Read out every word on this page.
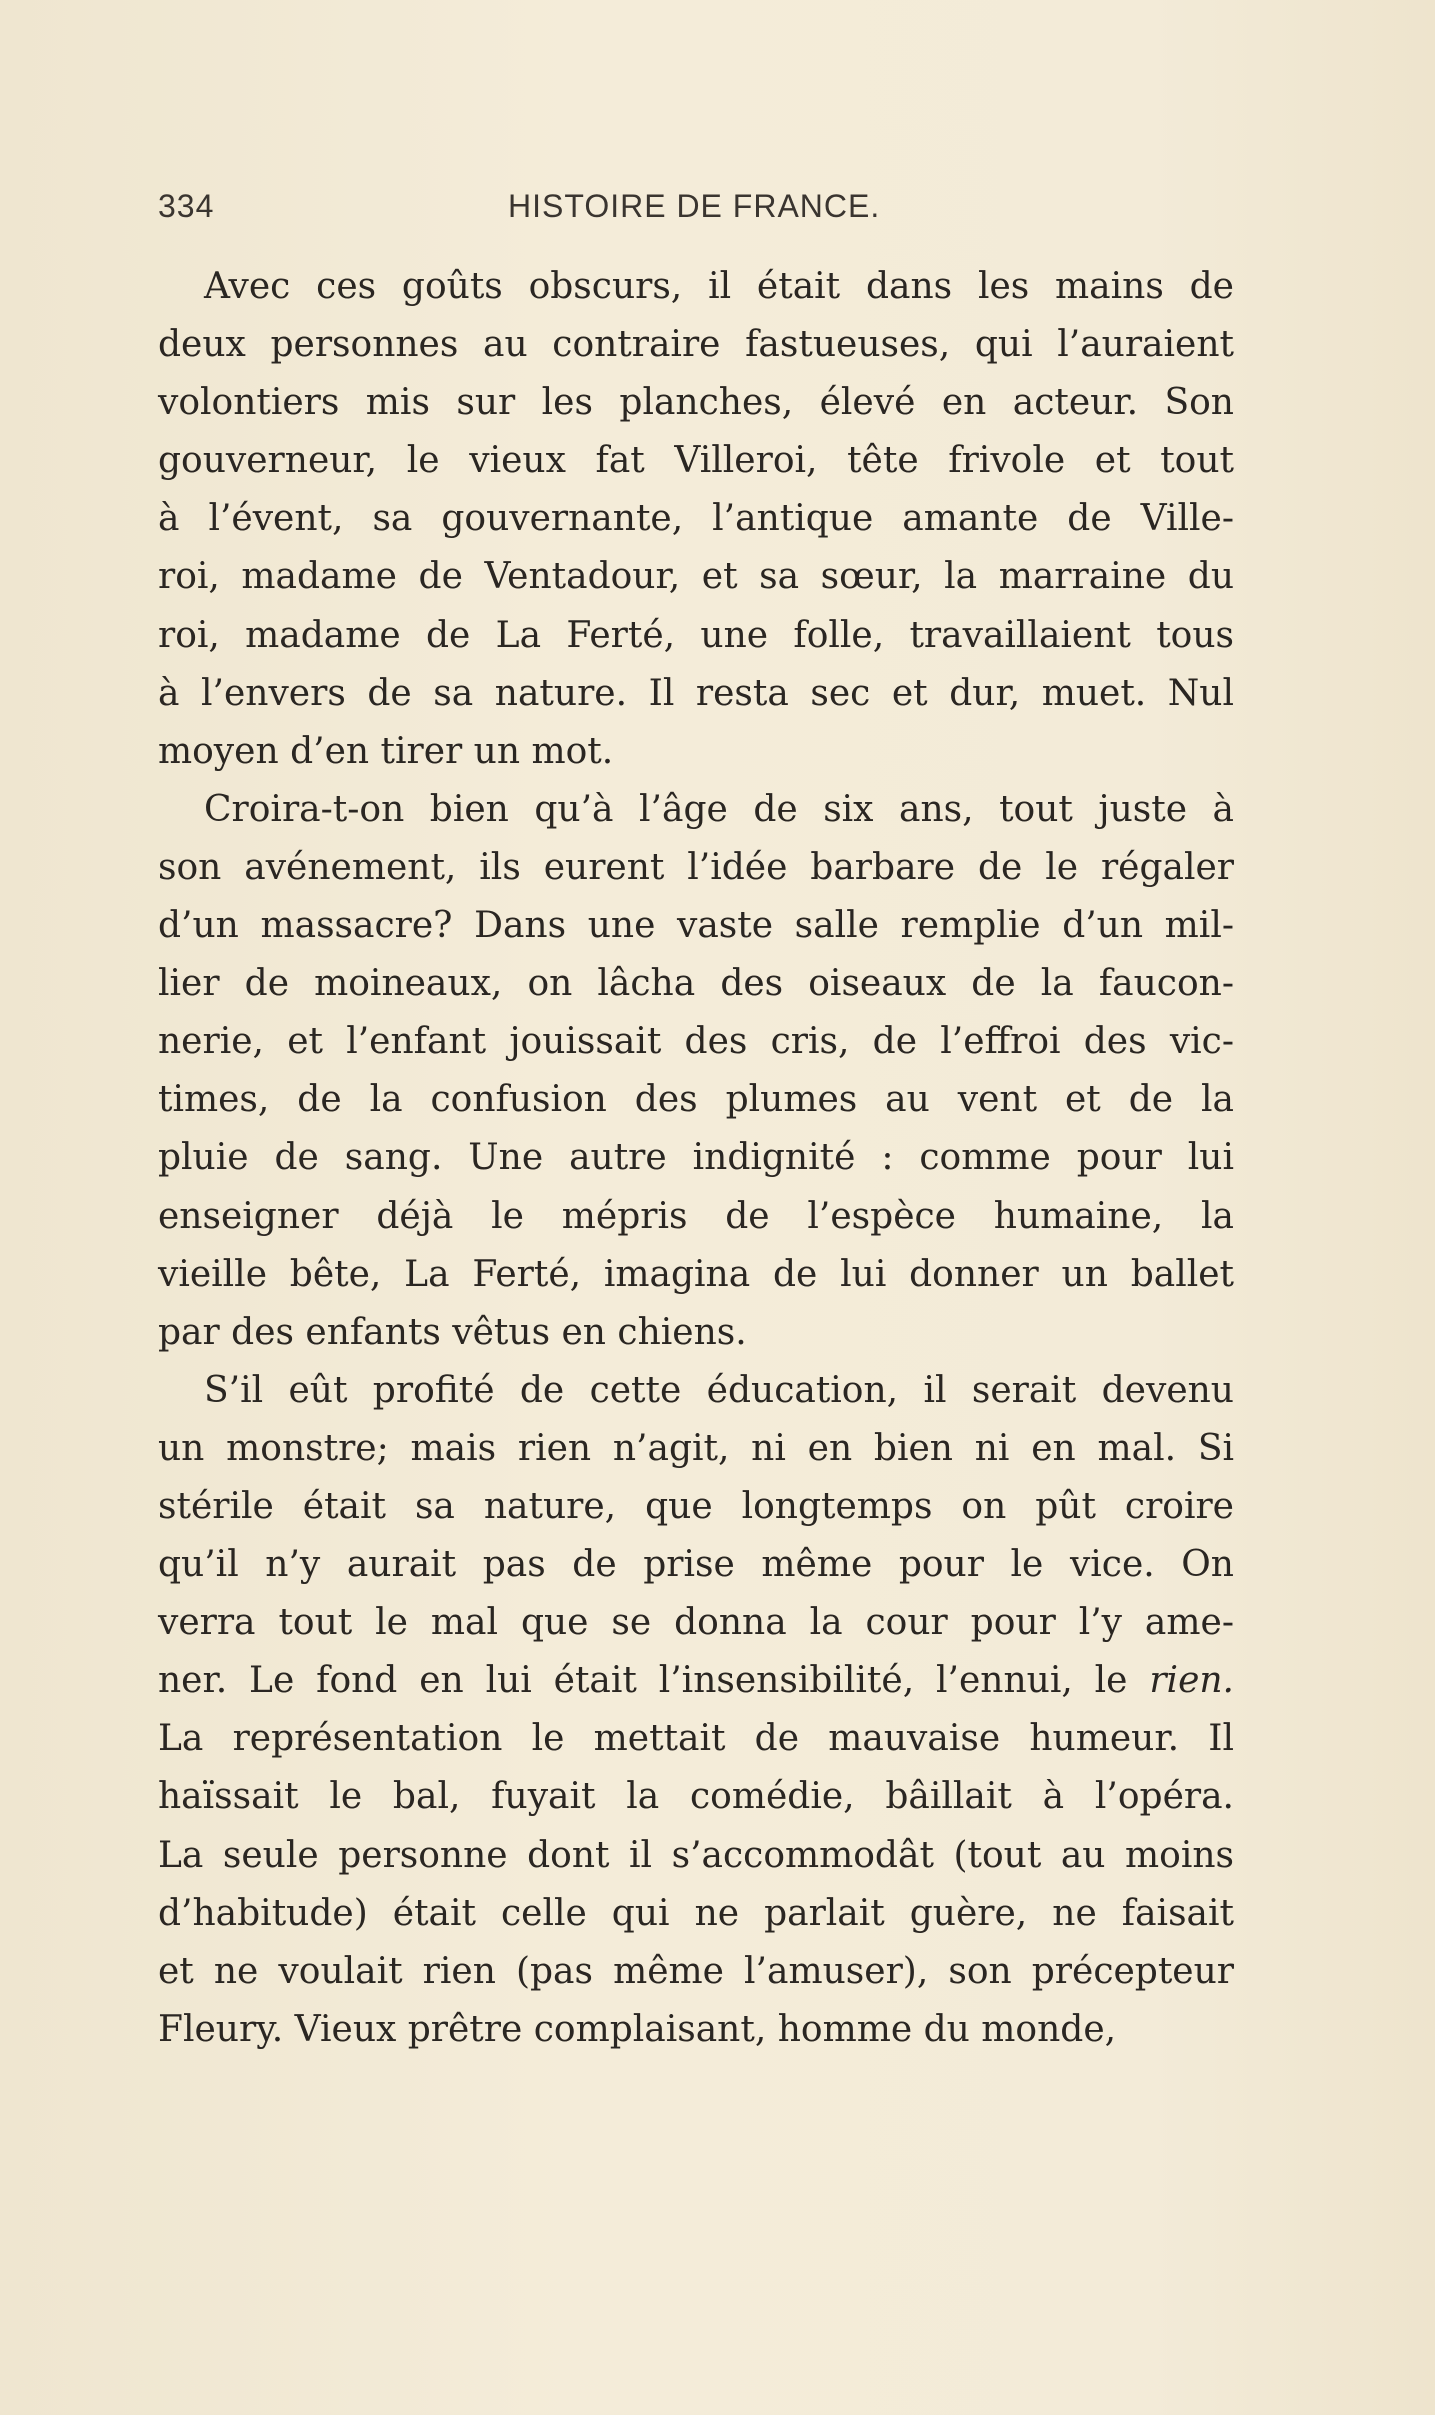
334	HISTOIRE DE FRANCE.

Avec ces goûts obscurs, il était dans les mains de
deux personnes au contraire fastueuses, qui l’auraient
volontiers mis sur les planches, élevé en acteur. Son
gouverneur, le vieux fat Villeroi, tête frivole et tout
à l’évent, sa gouvernante, l’antique amante de Ville-
roi, madame de Ventadour, et sa sœur, la marraine du
roi, madame de La Ferté, une folle, travaillaient tous
à l’envers de sa nature. Il resta sec et dur, muet. Nul
moyen d’en tirer un mot.

Croira-t-on bien qu’à l’âge de six ans, tout juste à
son avénement, ils eurent l’idée barbare de le régaler
d’un massacre? Dans une vaste salle remplie d’un mil-
lier de moineaux, on lâcha des oiseaux de la faucon-
nerie, et l’enfant jouissait des cris, de l’effroi des vic-
times, de la confusion des plumes au vent et de la
pluie de sang. Une autre indignité : comme pour lui
enseigner déjà le mépris de l’espèce humaine, la
vieille bête, La Ferté, imagina de lui donner un ballet
par des enfants vêtus en chiens.

S’il eût profité de cette éducation, il serait devenu
un monstre; mais rien n’agit, ni en bien ni en mal. Si
stérile était sa nature, que longtemps on pût croire
qu’il n’y aurait pas de prise même pour le vice. On
verra tout le mal que se donna la cour pour l’y ame-
ner. Le fond en lui était l’insensibilité, l’ennui, le rien.
La représentation le mettait de mauvaise humeur. Il
haïssait le bal, fuyait la comédie, bâillait à l’opéra.
La seule personne dont il s’accommodât (tout au moins
d’habitude) était celle qui ne parlait guère, ne faisait
et ne voulait rien (pas même l’amuser), son précepteur
Fleury. Vieux prêtre complaisant, homme du monde,
